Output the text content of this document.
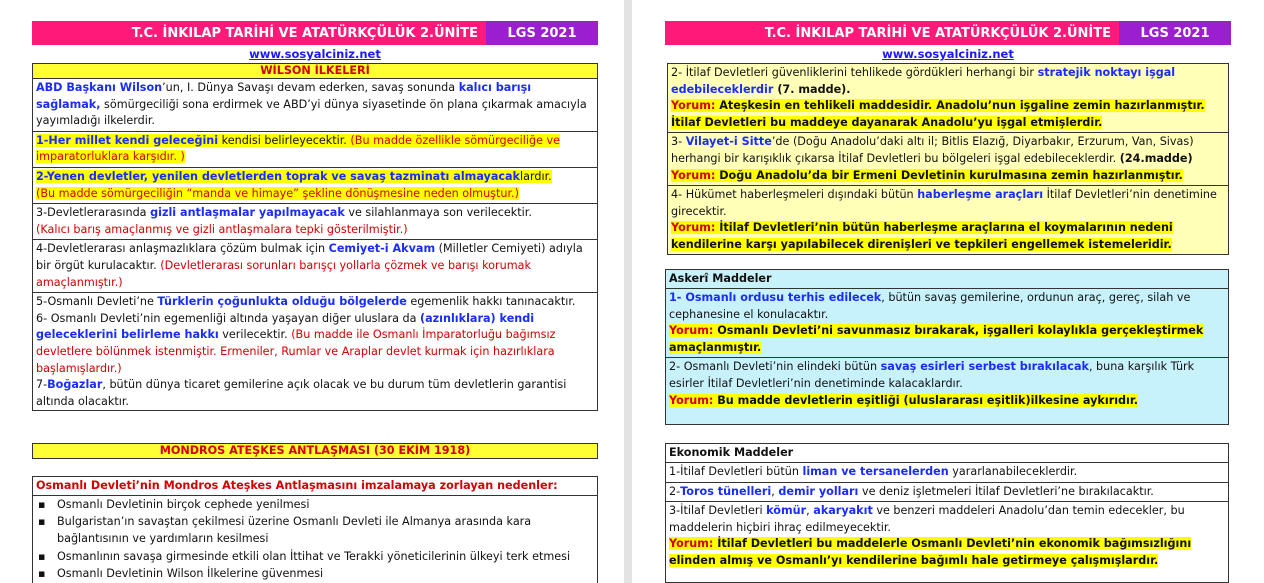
T.C. İNKILAP TARİHİ VE ATATÜRKÇÜLÜK 2.ÜNİTE	LGS 2021
www.sosyalciniz.net
WİLSON İLKELERİ
ABD Başkanı Wilson’un, I. Dünya Savaşı devam ederken, savaş sonunda kalıcı barışı sağlamak, sömürgeciliği sona erdirmek ve ABD’yi dünya siyasetinde ön plana çıkarmak amacıyla yayımladığı ilkelerdir.
1-Her millet kendi geleceğini kendisi belirleyecektir. (Bu madde özellikle sömürgeciliğe ve imparatorluklara karşıdır. )
2-Yenen devletler, yenilen devletlerden toprak ve savaş tazminatı almayacaklardır.
(Bu madde sömürgeciliğin “manda ve himaye” şekline dönüşmesine neden olmuştur.)
3-Devletlerarasında gizli antlaşmalar yapılmayacak ve silahlanmaya son verilecektir.
(Kalıcı barış amaçlanmış ve gizli antlaşmalara tepki gösterilmiştir.)
4-Devletlerarası anlaşmazlıklara çözüm bulmak için Cemiyet-i Akvam (Milletler Cemiyeti) adıyla bir örgüt kurulacaktır. (Devletlerarası sorunları barışçı yollarla çözmek ve barışı korumak amaçlanmıştır.)
5-Osmanlı Devleti’ne Türklerin çoğunlukta olduğu bölgelerde egemenlik hakkı tanınacaktır.
6- Osmanlı Devleti’nin egemenliği altında yaşayan diğer uluslara da (azınlıklara) kendi geleceklerini belirleme hakkı verilecektir. (Bu madde ile Osmanlı İmparatorluğu bağımsız devletlere bölünmek istenmiştir. Ermeniler, Rumlar ve Araplar devlet kurmak için hazırlıklara başlamışlardır.)
7-Boğazlar, bütün dünya ticaret gemilerine açık olacak ve bu durum tüm devletlerin garantisi altında olacaktır.
MONDROS ATEŞKES ANTLAŞMASI (30 EKİM 1918)
Osmanlı Devleti’nin Mondros Ateşkes Antlaşmasını imzalamaya zorlayan nedenler:
▪ Osmanlı Devletinin birçok cephede yenilmesi
▪ Bulgaristan’ın savaştan çekilmesi üzerine Osmanlı Devleti ile Almanya arasında kara bağlantısının ve yardımların kesilmesi
▪ Osmanlının savaşa girmesinde etkili olan İttihat ve Terakki yöneticilerinin ülkeyi terk etmesi
▪ Osmanlı Devletinin Wilson İlkelerine güvenmesi
T.C. İNKILAP TARİHİ VE ATATÜRKÇÜLÜK 2.ÜNİTE	LGS 2021
www.sosyalciniz.net
2- İtilaf Devletleri güvenliklerini tehlikede gördükleri herhangi bir stratejik noktayı işgal edebileceklerdir (7. madde).
Yorum: Ateşkesin en tehlikeli maddesidir. Anadolu’nun işgaline zemin hazırlanmıştır. İtilaf Devletleri bu maddeye dayanarak Anadolu’yu işgal etmişlerdir.
3- Vilayet-i Sitte’de (Doğu Anadolu’daki altı il; Bitlis Elazığ, Diyarbakır, Erzurum, Van, Sivas) herhangi bir karışıklık çıkarsa İtilaf Devletleri bu bölgeleri işgal edebileceklerdir. (24.madde)
Yorum: Doğu Anadolu’da bir Ermeni Devletinin kurulmasına zemin hazırlanmıştır.
4- Hükümet haberleşmeleri dışındaki bütün haberleşme araçları İtilaf Devletleri’nin denetimine girecektir.
Yorum: İtilaf Devletleri’nin bütün haberleşme araçlarına el koymalarının nedeni kendilerine karşı yapılabilecek direnişleri ve tepkileri engellemek istemeleridir.
Askerî Maddeler
1- Osmanlı ordusu terhis edilecek, bütün savaş gemilerine, ordunun araç, gereç, silah ve cephanesine el konulacaktır.
Yorum: Osmanlı Devleti’ni savunmasız bırakarak, işgalleri kolaylıkla gerçekleştirmek amaçlanmıştır.
2- Osmanlı Devleti’nin elindeki bütün savaş esirleri serbest bırakılacak, buna karşılık Türk esirler İtilaf Devletleri’nin denetiminde kalacaklardır.
Yorum: Bu madde devletlerin eşitliği (uluslararası eşitlik)ilkesine aykırıdır.
Ekonomik Maddeler
1-İtilaf Devletleri bütün liman ve tersanelerden yararlanabileceklerdir.
2-Toros tünelleri, demir yolları ve deniz işletmeleri İtilaf Devletleri’ne bırakılacaktır.
3-İtilaf Devletleri kömür, akaryakıt ve benzeri maddeleri Anadolu’dan temin edecekler, bu maddelerin hiçbiri ihraç edilmeyecektir.
Yorum: İtilaf Devletleri bu maddelerle Osmanlı Devleti’nin ekonomik bağımsızlığını elinden almış ve Osmanlı’yı kendilerine bağımlı hale getirmeye çalışmışlardır.
